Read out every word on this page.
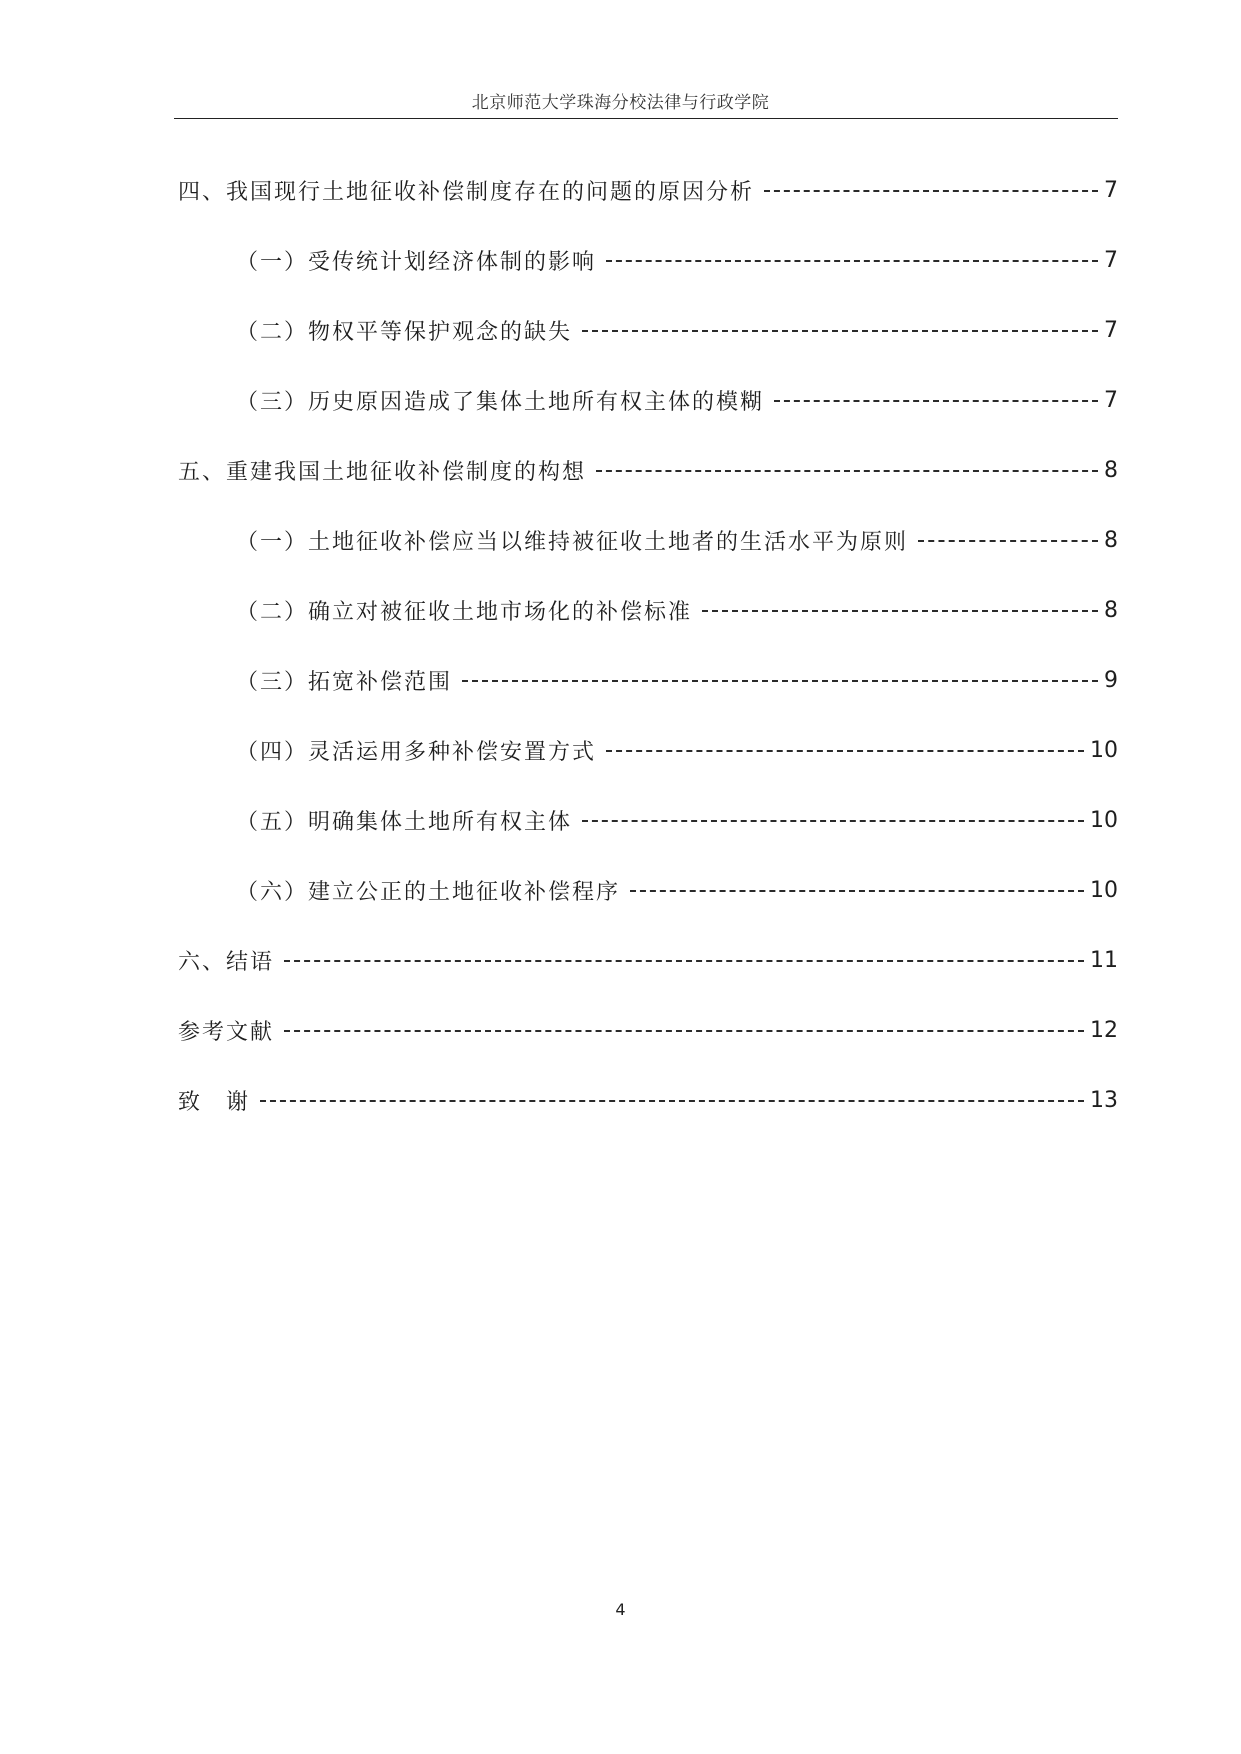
北京师范大学珠海分校法律与行政学院
四、我国现行土地征收补偿制度存在的问题的原因分析	7
（一）受传统计划经济体制的影响	7
（二）物权平等保护观念的缺失	7
（三）历史原因造成了集体土地所有权主体的模糊	7
五、重建我国土地征收补偿制度的构想	8
（一）土地征收补偿应当以维持被征收土地者的生活水平为原则	8
（二）确立对被征收土地市场化的补偿标准	8
（三）拓宽补偿范围	9
（四）灵活运用多种补偿安置方式	10
（五）明确集体土地所有权主体	10
（六）建立公正的土地征收补偿程序	10
六、结语	11
参考文献	12
致　谢	13
4
